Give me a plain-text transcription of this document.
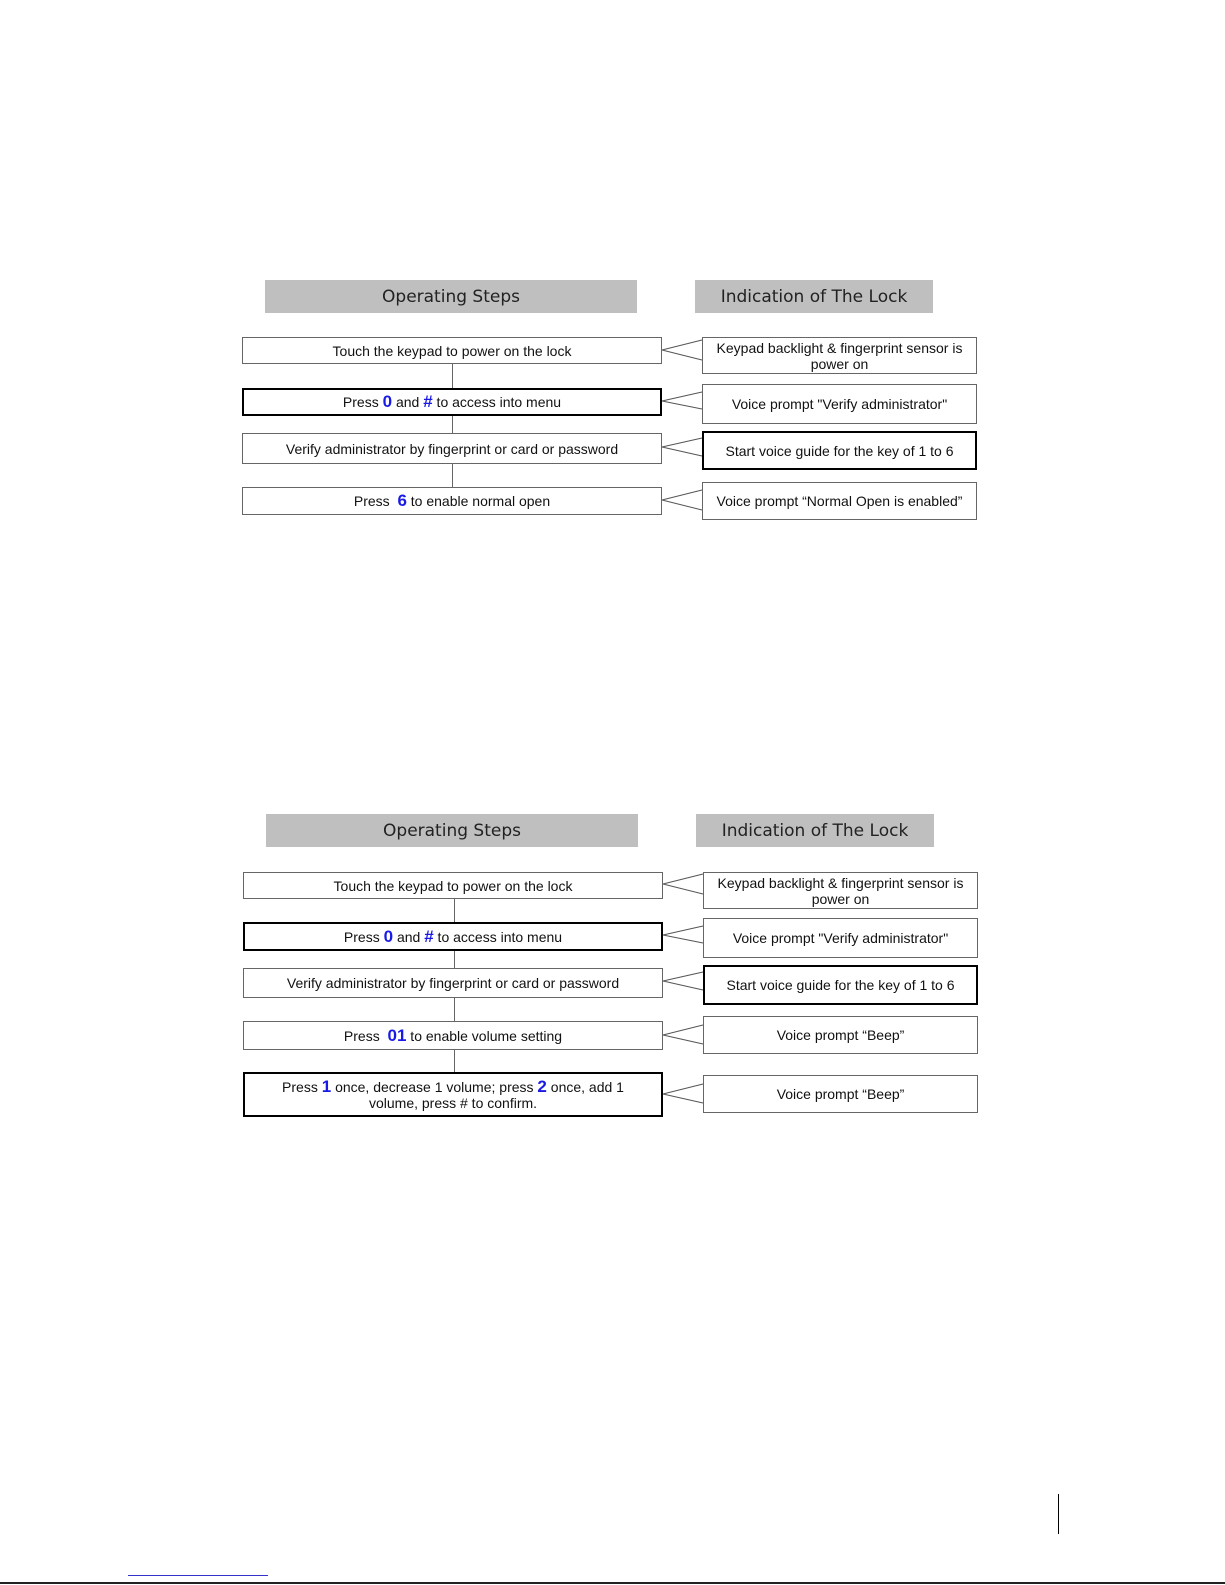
Operating Steps	Indication of The Lock
Touch the keypad to power on the lock
Press 0 and # to access into menu
Verify administrator by fingerprint or card or password
Press 6 to enable normal open
Keypad backlight & fingerprint sensor is power on
Voice prompt "Verify administrator"
Start voice guide for the key of 1 to 6
Voice prompt “Normal Open is enabled”
Operating Steps	Indication of The Lock
Touch the keypad to power on the lock
Press 0 and # to access into menu
Verify administrator by fingerprint or card or password
Press 01 to enable volume setting
Press 1 once, decrease 1 volume; press 2 once, add 1 volume, press # to confirm.
Keypad backlight & fingerprint sensor is power on
Voice prompt "Verify administrator"
Start voice guide for the key of 1 to 6
Voice prompt “Beep”
Voice prompt “Beep”
